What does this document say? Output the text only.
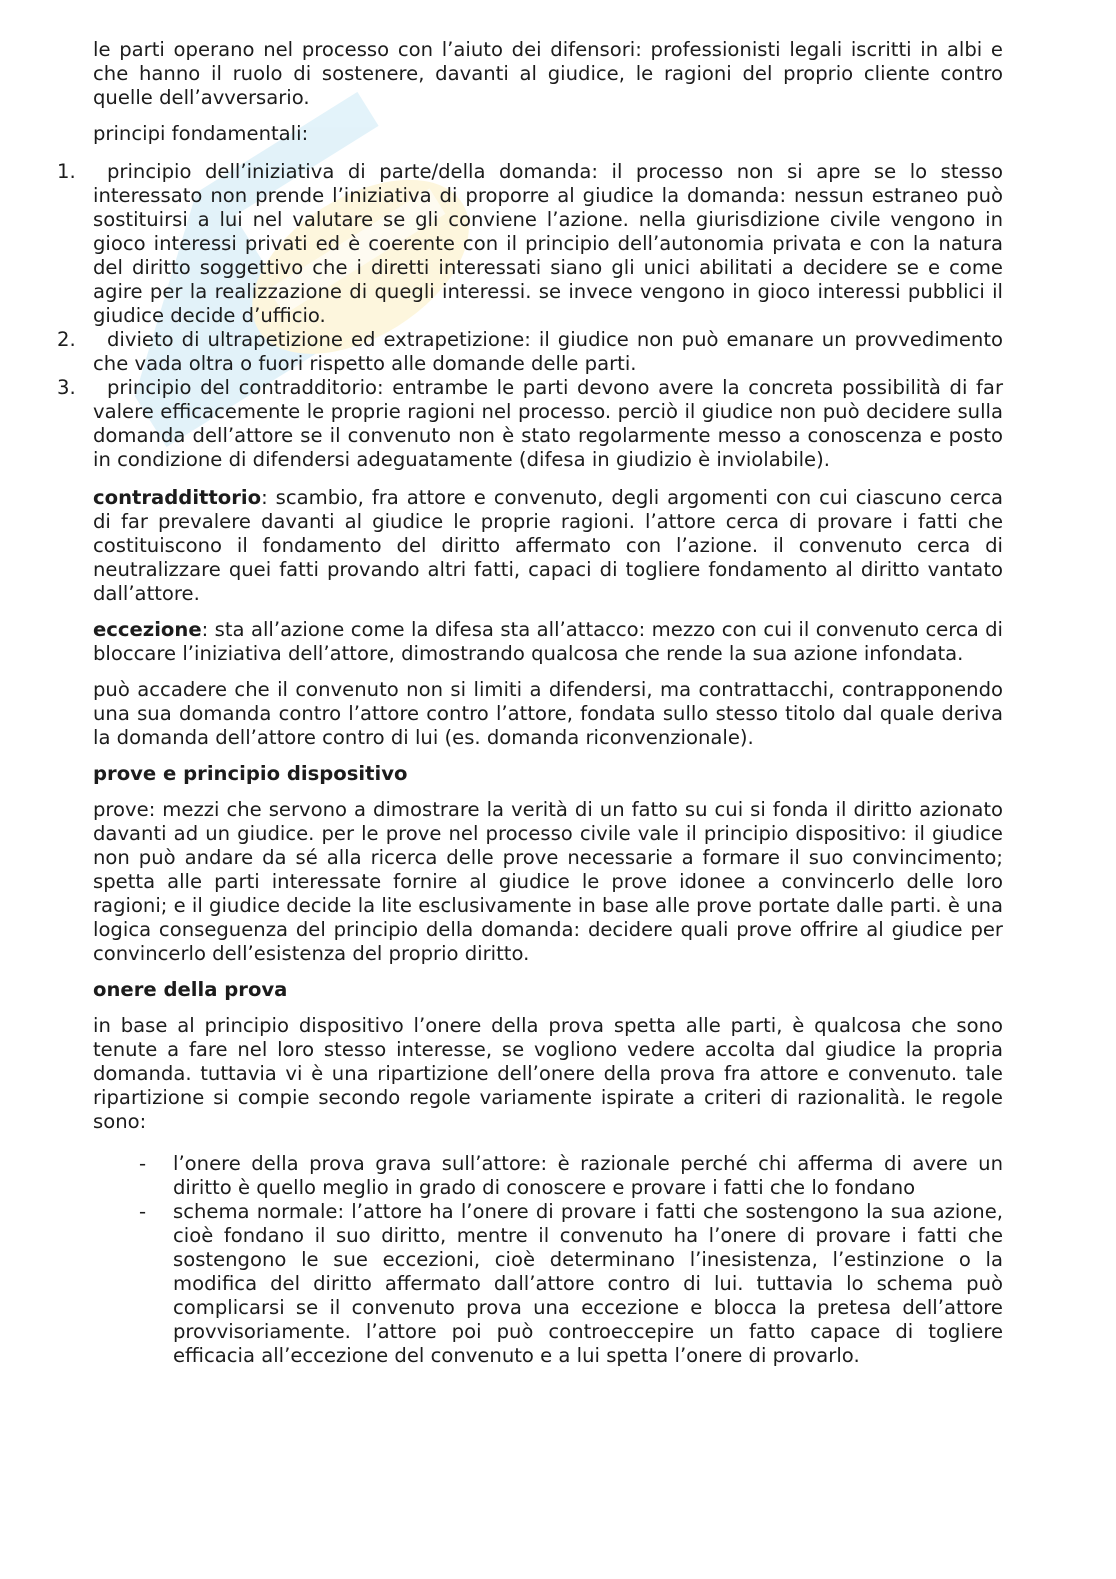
le parti operano nel processo con l’aiuto dei difensori: professionisti legali iscritti in albi e che hanno il ruolo di sostenere, davanti al giudice, le ragioni del proprio cliente contro quelle dell’avversario.

principi fondamentali:

1. principio dell’iniziativa di parte/della domanda: il processo non si apre se lo stesso interessato non prende l’iniziativa di proporre al giudice la domanda: nessun estraneo può sostituirsi a lui nel valutare se gli conviene l’azione. nella giurisdizione civile vengono in gioco interessi privati ed è coerente con il principio dell’autonomia privata e con la natura del diritto soggettivo che i diretti interessati siano gli unici abilitati a decidere se e come agire per la realizzazione di quegli interessi. se invece vengono in gioco interessi pubblici il giudice decide d’ufficio.
2. divieto di ultrapetizione ed extrapetizione: il giudice non può emanare un provvedimento che vada oltra o fuori rispetto alle domande delle parti.
3. principio del contradditorio: entrambe le parti devono avere la concreta possibilità di far valere efficacemente le proprie ragioni nel processo. perciò il giudice non può decidere sulla domanda dell’attore se il convenuto non è stato regolarmente messo a conoscenza e posto in condizione di difendersi adeguatamente (difesa in giudizio è inviolabile).

contraddittorio: scambio, fra attore e convenuto, degli argomenti con cui ciascuno cerca di far prevalere davanti al giudice le proprie ragioni. l’attore cerca di provare i fatti che costituiscono il fondamento del diritto affermato con l’azione. il convenuto cerca di neutralizzare quei fatti provando altri fatti, capaci di togliere fondamento al diritto vantato dall’attore.

eccezione: sta all’azione come la difesa sta all’attacco: mezzo con cui il convenuto cerca di bloccare l’iniziativa dell’attore, dimostrando qualcosa che rende la sua azione infondata.

può accadere che il convenuto non si limiti a difendersi, ma contrattacchi, contrapponendo una sua domanda contro l’attore contro l’attore, fondata sullo stesso titolo dal quale deriva la domanda dell’attore contro di lui (es. domanda riconvenzionale).

prove e principio dispositivo

prove: mezzi che servono a dimostrare la verità di un fatto su cui si fonda il diritto azionato davanti ad un giudice. per le prove nel processo civile vale il principio dispositivo: il giudice non può andare da sé alla ricerca delle prove necessarie a formare il suo convincimento; spetta alle parti interessate fornire al giudice le prove idonee a convincerlo delle loro ragioni; e il giudice decide la lite esclusivamente in base alle prove portate dalle parti. è una logica conseguenza del principio della domanda: decidere quali prove offrire al giudice per convincerlo dell’esistenza del proprio diritto.

onere della prova

in base al principio dispositivo l’onere della prova spetta alle parti, è qualcosa che sono tenute a fare nel loro stesso interesse, se vogliono vedere accolta dal giudice la propria domanda. tuttavia vi è una ripartizione dell’onere della prova fra attore e convenuto. tale ripartizione si compie secondo regole variamente ispirate a criteri di razionalità. le regole sono:

- l’onere della prova grava sull’attore: è razionale perché chi afferma di avere un diritto è quello meglio in grado di conoscere e provare i fatti che lo fondano
- schema normale: l’attore ha l’onere di provare i fatti che sostengono la sua azione, cioè fondano il suo diritto, mentre il convenuto ha l’onere di provare i fatti che sostengono le sue eccezioni, cioè determinano l’inesistenza, l’estinzione o la modifica del diritto affermato dall’attore contro di lui. tuttavia lo schema può complicarsi se il convenuto prova una eccezione e blocca la pretesa dell’attore provvisoriamente. l’attore poi può controeccepire un fatto capace di togliere efficacia all’eccezione del convenuto e a lui spetta l’onere di provarlo.
